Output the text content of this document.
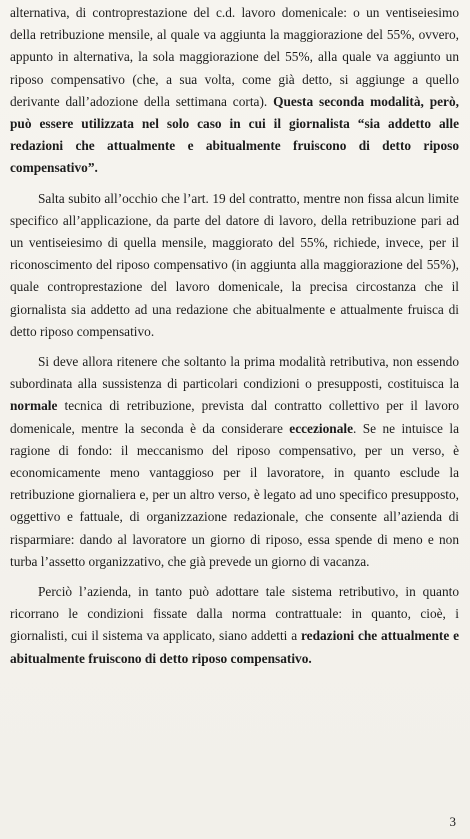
alternativa, di controprestazione del c.d. lavoro domenicale: o un ventiseiesimo della retribuzione mensile, al quale va aggiunta la maggiorazione del 55%, ovvero, appunto in alternativa, la sola maggiorazione del 55%, alla quale va aggiunto un riposo compensativo (che, a sua volta, come già detto, si aggiunge a quello derivante dall’adozione della settimana corta). Questa seconda modalità, però, può essere utilizzata nel solo caso in cui il giornalista “sia addetto alle redazioni che attualmente e abitualmente fruiscono di detto riposo compensativo”.

Salta subito all’occhio che l’art. 19 del contratto, mentre non fissa alcun limite specifico all’applicazione, da parte del datore di lavoro, della retribuzione pari ad un ventiseiesimo di quella mensile, maggiorato del 55%, richiede, invece, per il riconoscimento del riposo compensativo (in aggiunta alla maggiorazione del 55%), quale controprestazione del lavoro domenicale, la precisa circostanza che il giornalista sia addetto ad una redazione che abitualmente e attualmente fruisca di detto riposo compensativo.

Si deve allora ritenere che soltanto la prima modalità retributiva, non essendo subordinata alla sussistenza di particolari condizioni o presupposti, costituisca la normale tecnica di retribuzione, prevista dal contratto collettivo per il lavoro domenicale, mentre la seconda è da considerare eccezionale. Se ne intuisce la ragione di fondo: il meccanismo del riposo compensativo, per un verso, è economicamente meno vantaggioso per il lavoratore, in quanto esclude la retribuzione giornaliera e, per un altro verso, è legato ad uno specifico presupposto, oggettivo e fattuale, di organizzazione redazionale, che consente all’azienda di risparmiare: dando al lavoratore un giorno di riposo, essa spende di meno e non turba l’assetto organizzativo, che già prevede un giorno di vacanza.

Perciò l’azienda, in tanto può adottare tale sistema retributivo, in quanto ricorrano le condizioni fissate dalla norma contrattuale: in quanto, cioè, i giornalisti, cui il sistema va applicato, siano addetti a redazioni che attualmente e abitualmente fruiscono di detto riposo compensativo.

3
